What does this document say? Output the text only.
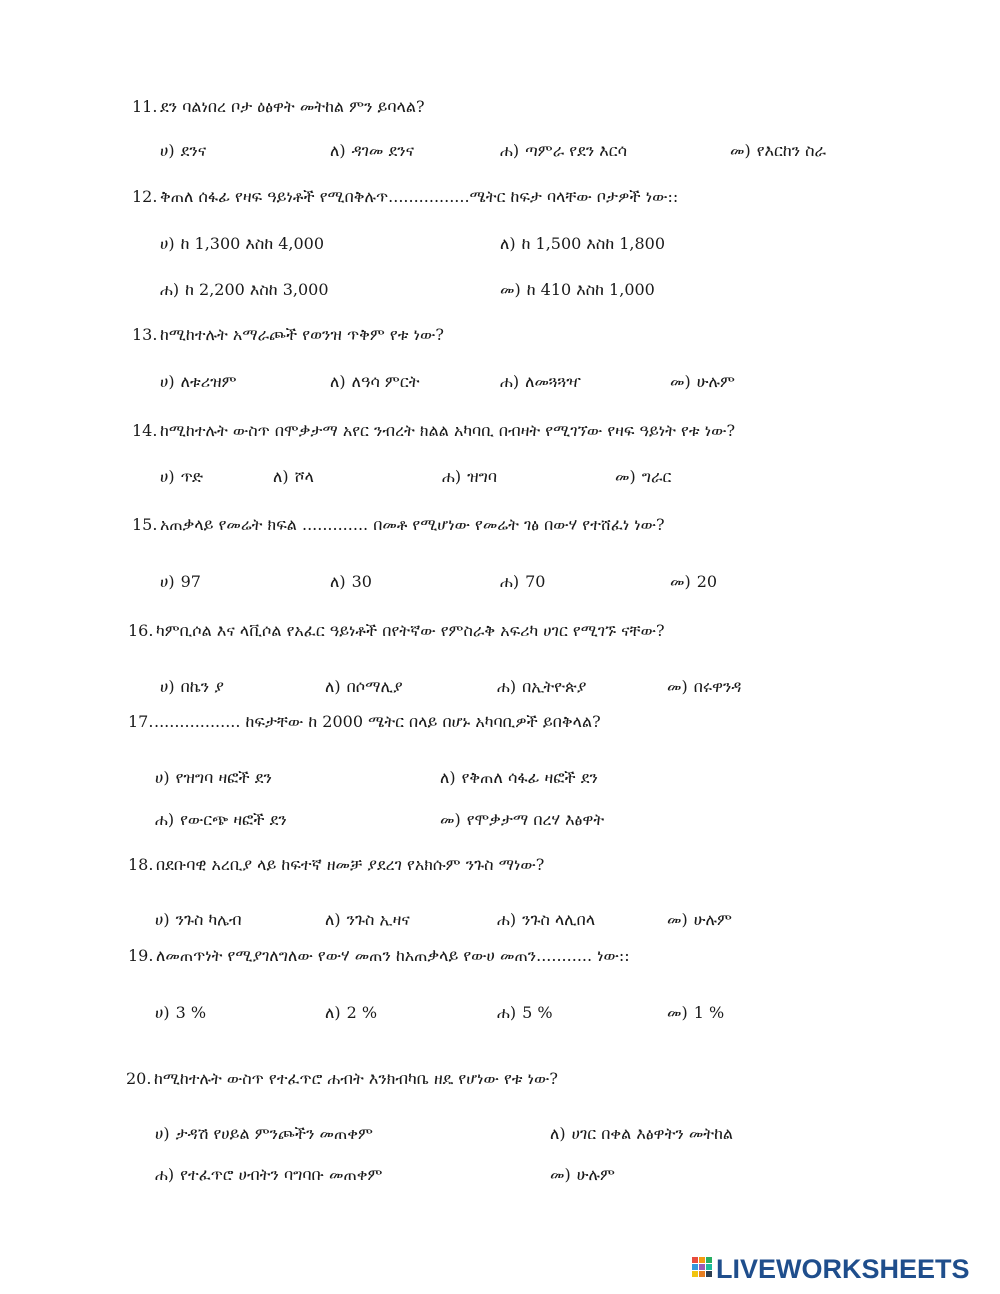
11. ደን ባልነበረ ቦታ ዕፅዋት መትከል ምን ይባላል?
ሀ) ደንና	ለ) ዳገመ ደንና	ሐ) ጣምራ የደን እርሳ	መ) የእርከን ስራ
12. ቅጠለ ሰፋፊ የዛፍ ዓይነቶች የሚበቅሉጥ................ሜትር ከፍታ ባላቸው ቦታዎች ነው::
ሀ) ከ 1,300 እስከ 4,000	ለ) ከ 1,500 እስከ 1,800
ሐ) ከ 2,200 እስከ 3,000	መ) ከ 410 እስከ 1,000
13. ከሚከተሉት አማራጮች የወንዝ ጥቅም የቱ ነው?
ሀ) ለቱሪዝም	ለ) ለዓሳ ምርት	ሐ) ለመጓጓዣ	መ) ሁሉም
14. ከሚከተሉት ውስጥ በሞቃታማ አየር ንብረት ክልል አካባቢ በብዛት የሚገኘው የዛፍ ዓይነት የቱ ነው?
ሀ) ጥድ	ለ) ሾላ	ሐ) ዝግባ	መ) ግራር
15. አጠቃላይ የመሬት ክፍል ............. በመቶ የሚሆነው የመሬት ገፅ በውሃ የተሸፈነ ነው?
ሀ) 97	ለ) 30	ሐ) 70	መ) 20
16. ካምቢሶል እና ላቪሶል የአፈር ዓይነቶች በየትኛው የምስራቅ አፍሪካ ሀገር የሚገኙ ናቸው?
ሀ) በኬን ያ	ለ) በሶማሊያ	ሐ) በኢትዮጵያ	መ) በሩዋንዳ
17. ................. ከፍታቸው ከ 2000 ሜትር በላይ በሆኑ አካባቢዎች ይበቅላል?
ሀ) የዝግባ ዛፎች ደን	ለ) የቅጠለ ሳፋፊ ዛፎች ደን
ሐ) የውርጭ ዛፎች ደን	መ) የሞቃታማ በረሃ እፅዋት
18. በደቡባዊ አረቢያ ላይ ከፍተኛ ዘመቻ ያደረገ የአክሱም ንጉስ ማነው?
ሀ) ንጉስ ካሌብ	ለ) ንጉስ ኢዛና	ሐ) ንጉስ ላሊበላ	መ) ሁሉም
19. ለመጠጥነት የሚያገለግለው የውሃ መጠን ከአጠቃላይ የውሀ መጠን........... ነው::
ሀ) 3 %	ለ) 2 %	ሐ) 5 %	መ) 1 %
20. ከሚከተሉት ውስጥ የተፈጥሮ ሐብት እንክብካቤ ዘዴ የሆነው የቱ ነው?
ሀ) ታዳሽ የሀይል ምንጮችን መጠቀም	ለ) ሀገር በቀል እፅዋትን መትከል
ሐ) የተፈጥሮ ሀብትን ባግባቡ መጠቀም	መ) ሁሉም
LIVEWORKSHEETS
